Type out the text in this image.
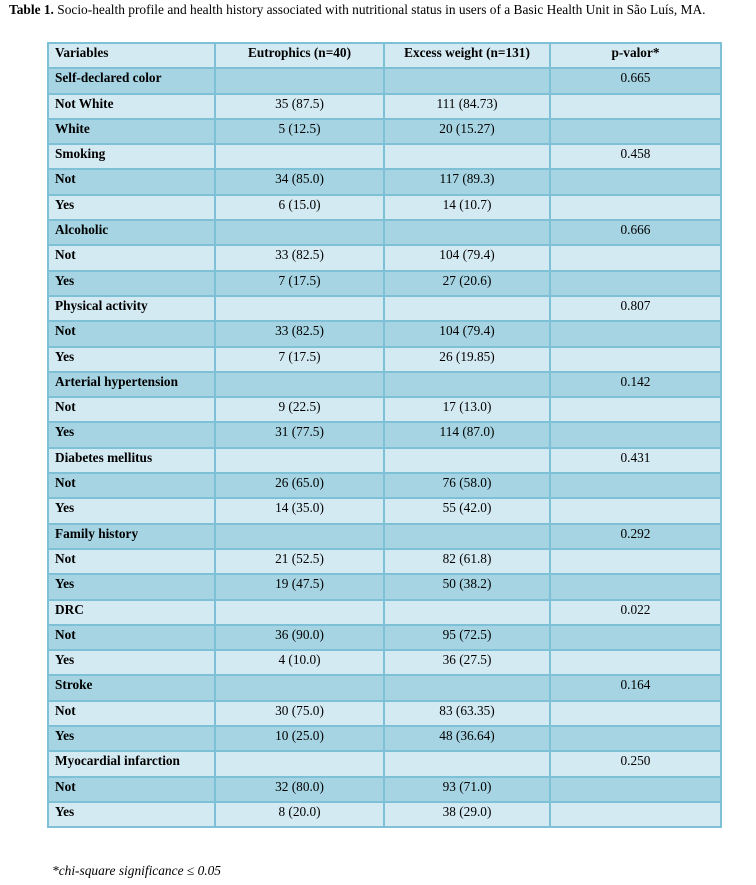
Table 1. Socio-health profile and health history associated with nutritional status in users of a Basic Health Unit in São Luís, MA.
Variables	Eutrophics (n=40)	Excess weight (n=131)	p-valor*
Self-declared color			0.665
Not White	35 (87.5)	111 (84.73)	
White	5 (12.5)	20 (15.27)	
Smoking			0.458
Not	34 (85.0)	117 (89.3)	
Yes	6 (15.0)	14 (10.7)	
Alcoholic			0.666
Not	33 (82.5)	104 (79.4)	
Yes	7 (17.5)	27 (20.6)	
Physical activity			0.807
Not	33 (82.5)	104 (79.4)	
Yes	7 (17.5)	26 (19.85)	
Arterial hypertension			0.142
Not	9 (22.5)	17 (13.0)	
Yes	31 (77.5)	114 (87.0)	
Diabetes mellitus			0.431
Not	26 (65.0)	76 (58.0)	
Yes	14 (35.0)	55 (42.0)	
Family history			0.292
Not	21 (52.5)	82 (61.8)	
Yes	19 (47.5)	50 (38.2)	
DRC			0.022
Not	36 (90.0)	95 (72.5)	
Yes	4 (10.0)	36 (27.5)	
Stroke			0.164
Not	30 (75.0)	83 (63.35)	
Yes	10 (25.0)	48 (36.64)	
Myocardial infarction			0.250
Not	32 (80.0)	93 (71.0)	
Yes	8 (20.0)	38 (29.0)	
*chi-square significance ≤ 0.05
